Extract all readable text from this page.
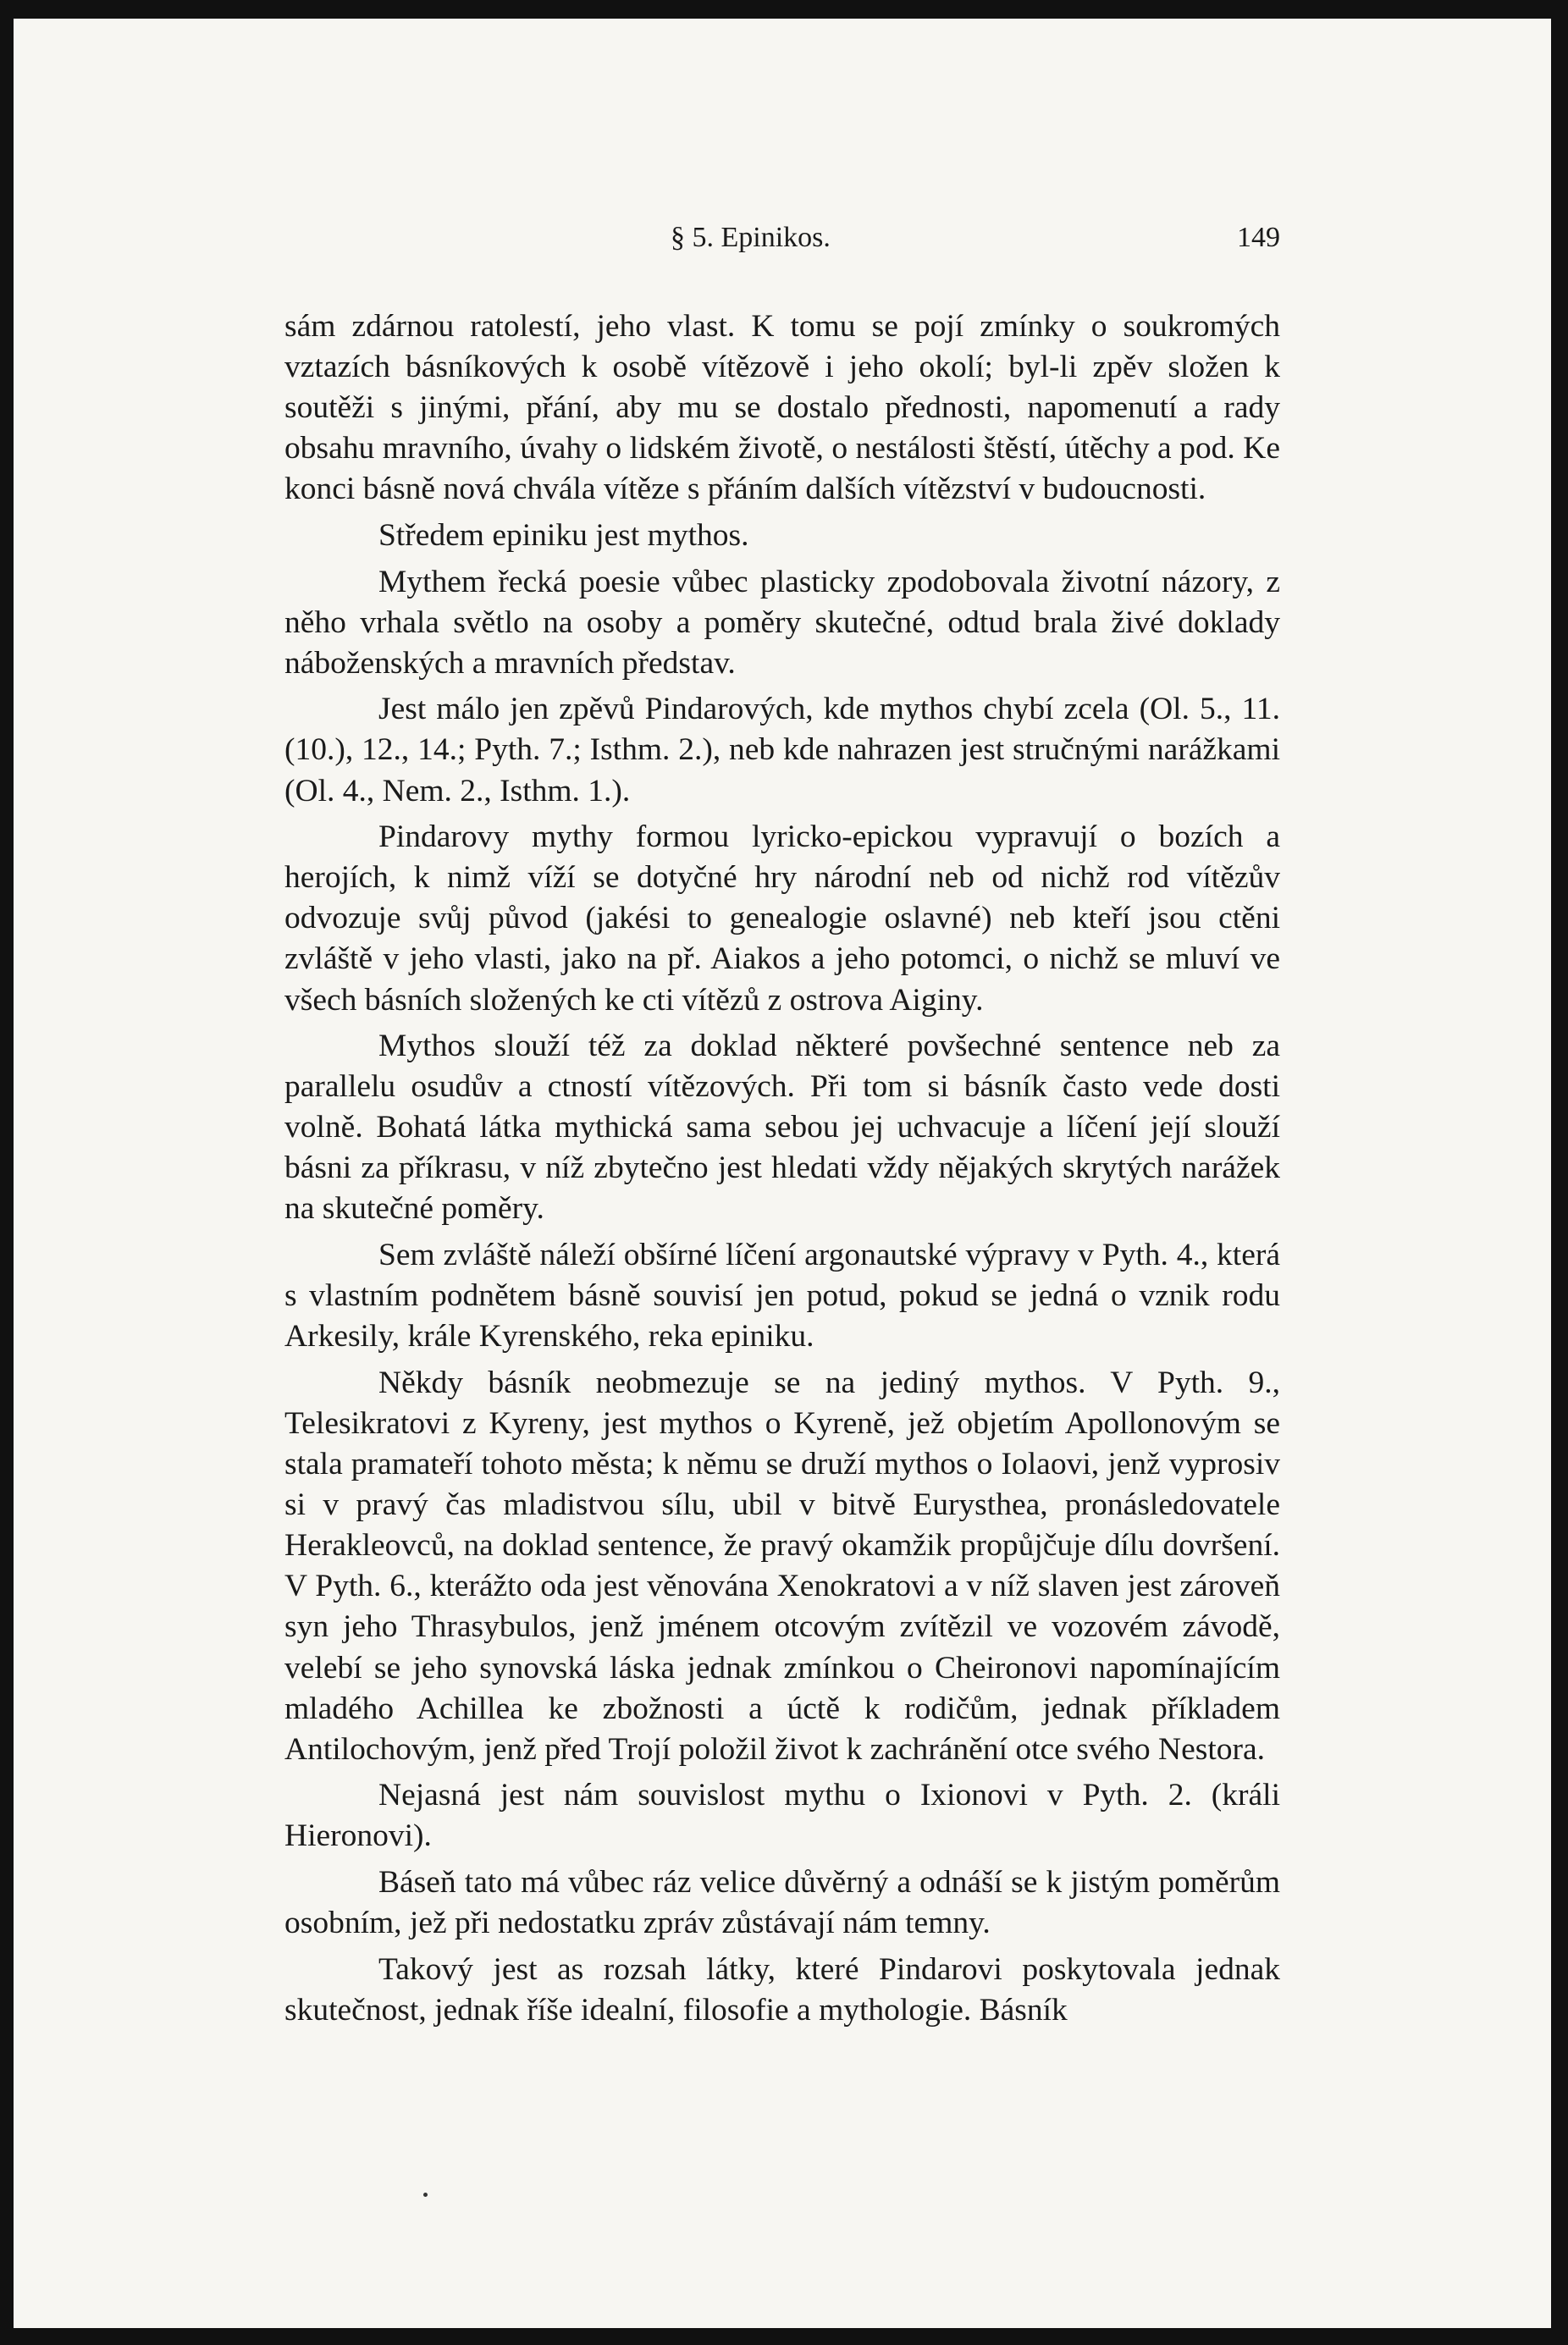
§ 5. Epinikos.	149

sám zdárnou ratolestí, jeho vlast. K tomu se pojí zmínky o soukromých vztazích básníkových k osobě vítězově i jeho okolí; byl-li zpěv složen k soutěži s jinými, přání, aby mu se dostalo přednosti, napomenutí a rady obsahu mravního, úvahy o lidském životě, o nestálosti štěstí, útěchy a pod. Ke konci básně nová chvála vítěze s přáním dalších vítězství v budoucnosti.

Středem epiniku jest mythos.

Mythem řecká poesie vůbec plasticky zpodobovala životní názory, z něho vrhala světlo na osoby a poměry skutečné, odtud brala živé doklady náboženských a mravních představ.

Jest málo jen zpěvů Pindarových, kde mythos chybí zcela (Ol. 5., 11. (10.), 12., 14.; Pyth. 7.; Isthm. 2.), neb kde nahrazen jest stručnými narážkami (Ol. 4., Nem. 2., Isthm. 1.).

Pindarovy mythy formou lyricko-epickou vypravují o bozích a herojích, k nimž víží se dotyčné hry národní neb od nichž rod vítězův odvozuje svůj původ (jakési to genealogie oslavné) neb kteří jsou ctěni zvláště v jeho vlasti, jako na př. Aiakos a jeho potomci, o nichž se mluví ve všech básních složených ke cti vítězů z ostrova Aiginy.

Mythos slouží též za doklad některé povšechné sentence neb za parallelu osudův a ctností vítězových. Při tom si básník často vede dosti volně. Bohatá látka mythická sama sebou jej uchvacuje a líčení její slouží básni za příkrasu, v níž zbytečno jest hledati vždy nějakých skrytých narážek na skutečné poměry.

Sem zvláště náleží obšírné líčení argonautské výpravy v Pyth. 4., která s vlastním podnětem básně souvisí jen potud, pokud se jedná o vznik rodu Arkesily, krále Kyrenského, reka epiniku.

Někdy básník neobmezuje se na jediný mythos. V Pyth. 9., Telesikratovi z Kyreny, jest mythos o Kyreně, jež objetím Apollonovým se stala pramateří tohoto města; k němu se druží mythos o Iolaovi, jenž vyprosiv si v pravý čas mladistvou sílu, ubil v bitvě Eurysthea, pronásledovatele Herakleovců, na doklad sentence, že pravý okamžik propůjčuje dílu dovršení. V Pyth. 6., kterážto oda jest věnována Xenokratovi a v níž slaven jest zároveň syn jeho Thrasybulos, jenž jménem otcovým zvítězil ve vozovém závodě, velebí se jeho synovská láska jednak zmínkou o Cheironovi napomínajícím mladého Achillea ke zbožnosti a úctě k rodičům, jednak příkladem Antilochovým, jenž před Trojí položil život k zachránění otce svého Nestora.

Nejasná jest nám souvislost mythu o Ixionovi v Pyth. 2. (králi Hieronovi).

Báseň tato má vůbec ráz velice důvěrný a odnáší se k jistým poměrům osobním, jež při nedostatku zpráv zůstávají nám temny.

Takový jest as rozsah látky, které Pindarovi poskytovala jednak skutečnost, jednak říše idealní, filosofie a mythologie. Básník
